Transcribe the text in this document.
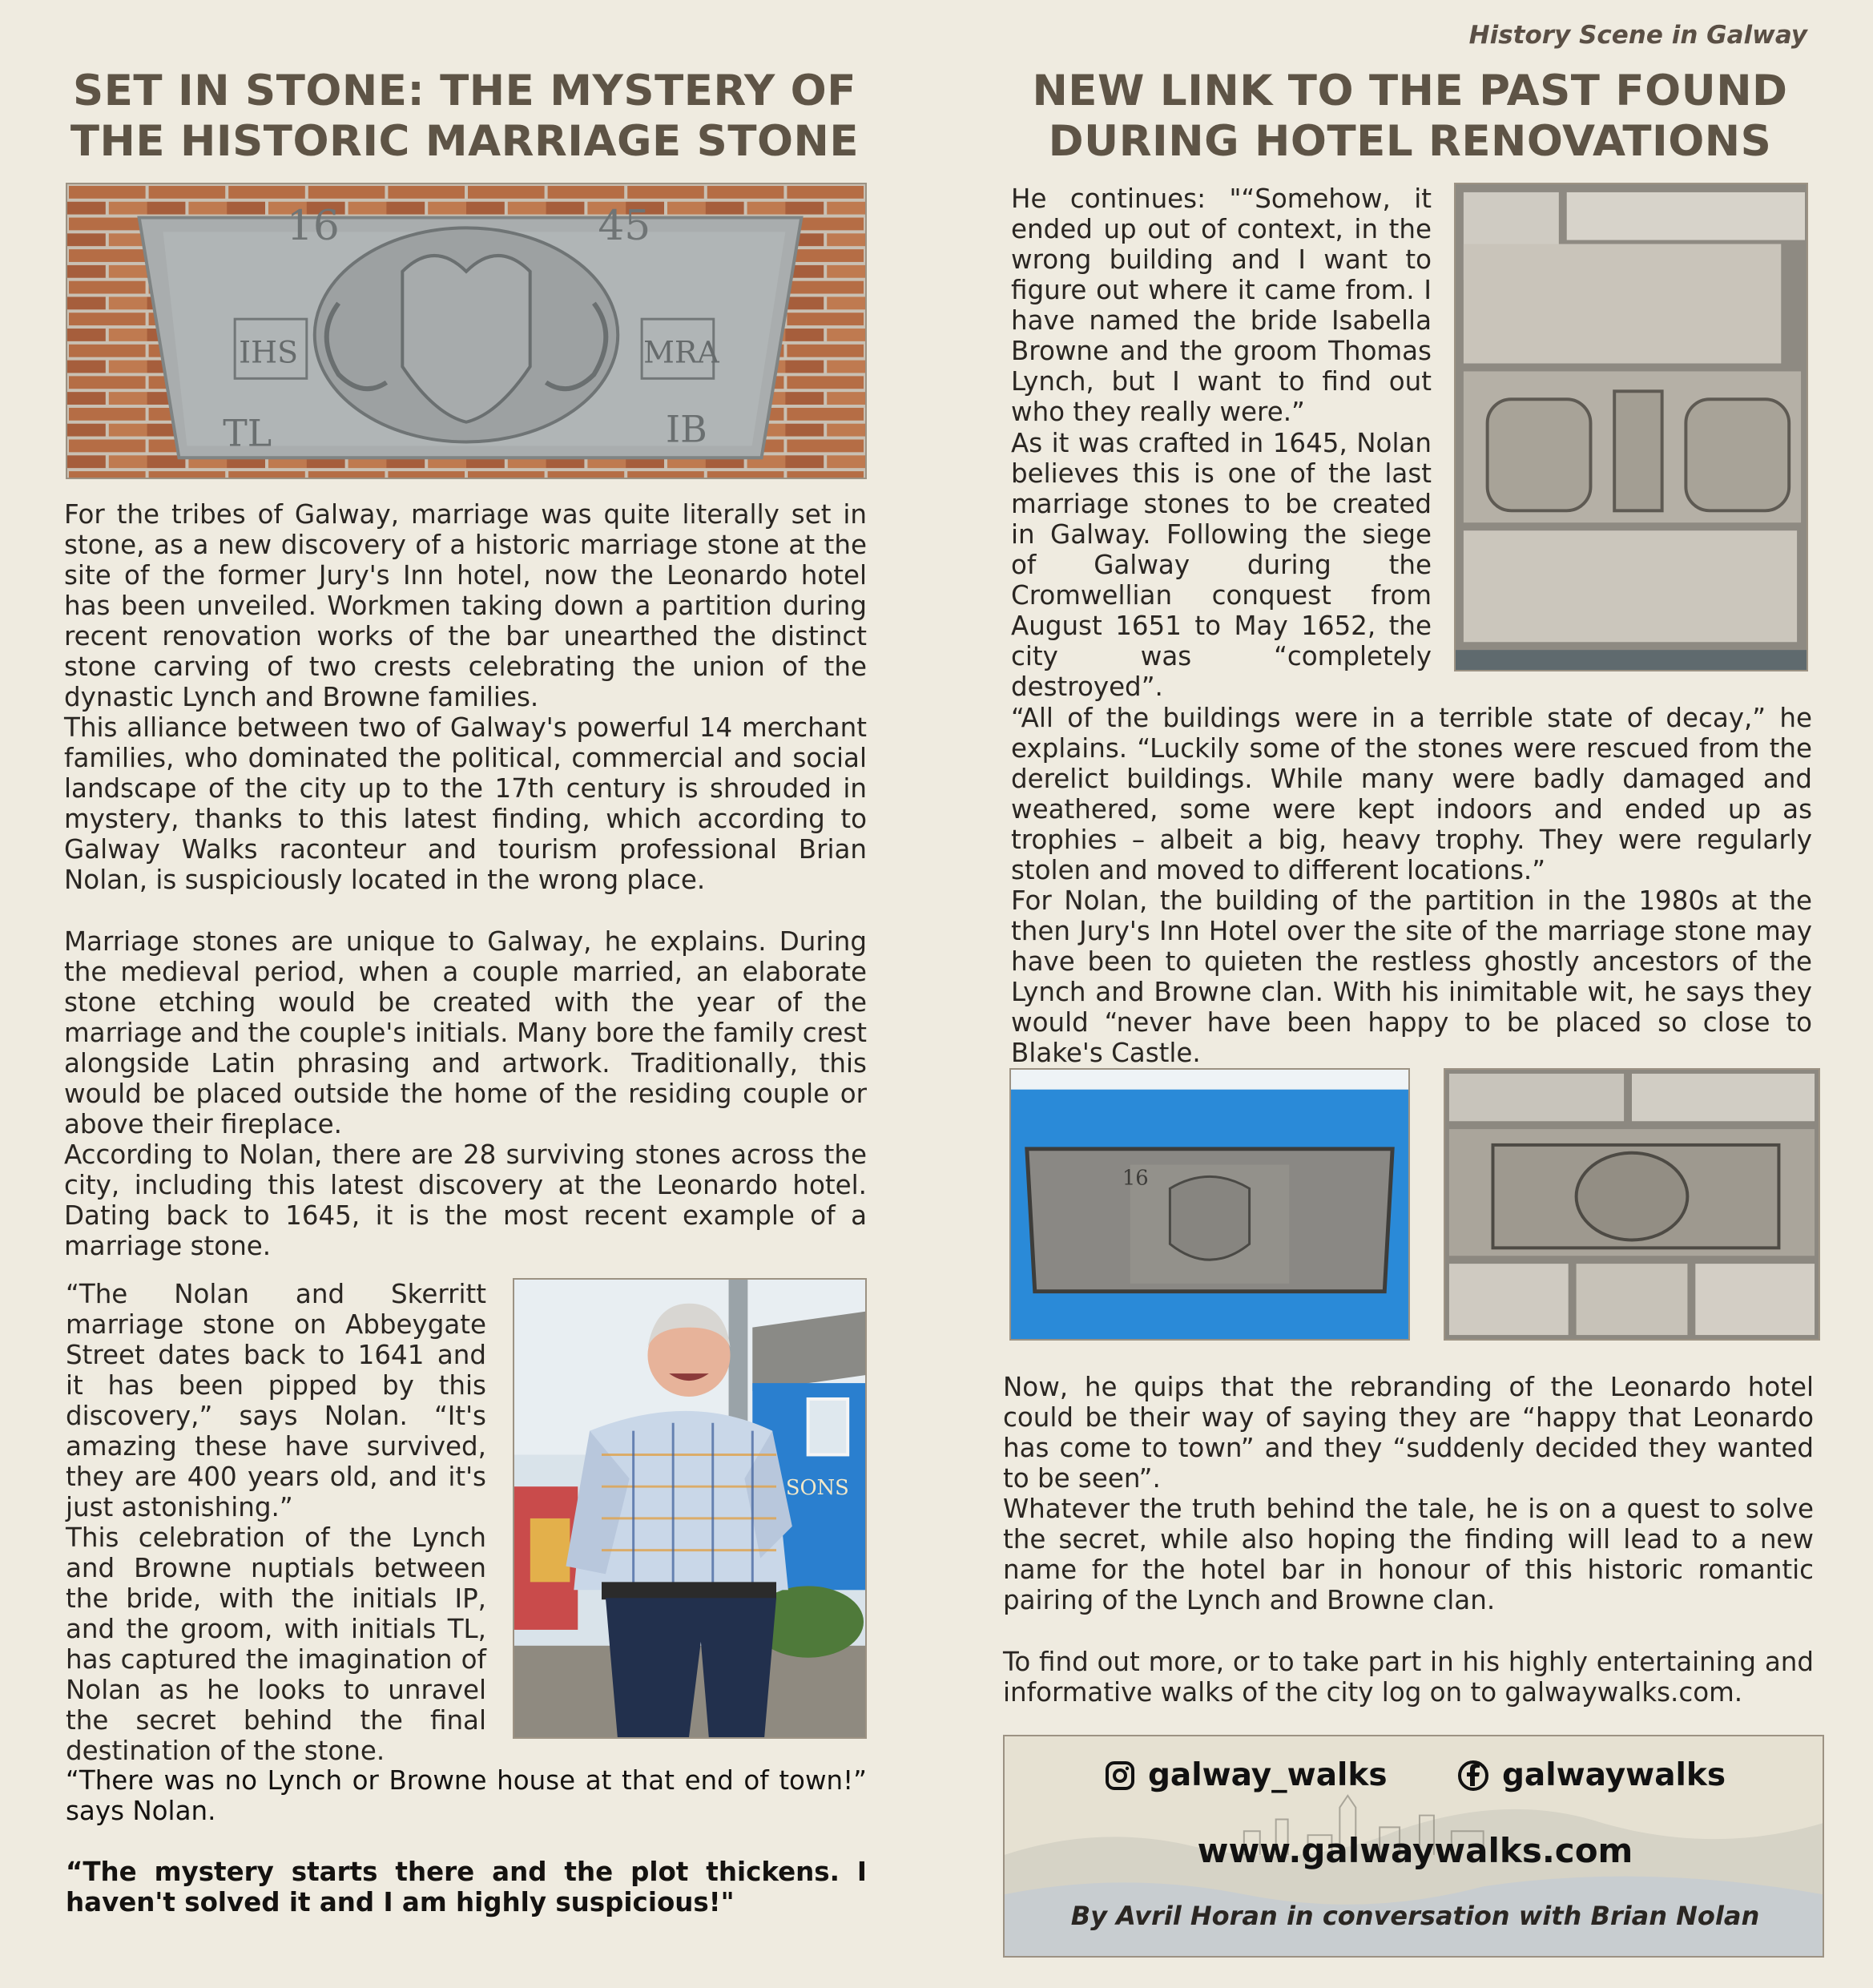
History Scene in Galway
SET IN STONE: THE MYSTERY OF THE HISTORIC MARRIAGE STONE
16	45
IHS	MRA
TL	IB

For the tribes of Galway, marriage was quite literally set in stone, as a new discovery of a historic marriage stone at the site of the former Jury's Inn hotel, now the Leonardo hotel has been unveiled. Workmen taking down a partition during recent renovation works of the bar unearthed the distinct stone carving of two crests celebrating the union of the dynastic Lynch and Browne families.

This alliance between two of Galway's powerful 14 merchant families, who dominated the political, commercial and social landscape of the city up to the 17th century is shrouded in mystery, thanks to this latest finding, which according to Galway Walks raconteur and tourism professional Brian Nolan, is suspiciously located in the wrong place.

Marriage stones are unique to Galway, he explains. During the medieval period, when a couple married, an elaborate stone etching would be created with the year of the marriage and the couple's initials. Many bore the family crest alongside Latin phrasing and artwork. Traditionally, this would be placed outside the home of the residing couple or above their fireplace.

According to Nolan, there are 28 surviving stones across the city, including this latest discovery at the Leonardo hotel. Dating back to 1645, it is the most recent example of a marriage stone.

“The Nolan and Skerritt marriage stone on Abbeygate Street dates back to 1641 and it has been pipped by this discovery,” says Nolan. “It's amazing these have survived, they are 400 years old, and it's just astonishing.”

This celebration of the Lynch and Browne nuptials between the bride, with the initials IP, and the groom, with initials TL, has captured the imagination of Nolan as he looks to unravel the secret behind the final destination of the stone.

SONS

“There was no Lynch or Browne house at that end of town!” says Nolan.

“The mystery starts there and the plot thickens. I haven't solved it and I am highly suspicious!"

NEW LINK TO THE PAST FOUND DURING HOTEL RENOVATIONS

He continues: "“Somehow, it ended up out of context, in the wrong building and I want to figure out where it came from. I have named the bride Isabella Browne and the groom Thomas Lynch, but I want to find out who they really were.”

As it was crafted in 1645, Nolan believes this is one of the last marriage stones to be created in Galway. Following the siege of Galway during the Cromwellian conquest from August 1651 to May 1652, the city was “completely destroyed”.

“All of the buildings were in a terrible state of decay,” he explains. “Luckily some of the stones were rescued from the derelict buildings. While many were badly damaged and weathered, some were kept indoors and ended up as trophies – albeit a big, heavy trophy. They were regularly stolen and moved to different locations.”

For Nolan, the building of the partition in the 1980s at the then Jury's Inn Hotel over the site of the marriage stone may have been to quieten the restless ghostly ancestors of the Lynch and Browne clan. With his inimitable wit, he says they would “never have been happy to be placed so close to Blake's Castle.

16

Now, he quips that the rebranding of the Leonardo hotel could be their way of saying they are “happy that Leonardo has come to town” and they “suddenly decided they wanted to be seen”.

Whatever the truth behind the tale, he is on a quest to solve the secret, while also hoping the finding will lead to a new name for the hotel bar in honour of this historic romantic pairing of the Lynch and Browne clan.

To find out more, or to take part in his highly entertaining and informative walks of the city log on to galwaywalks.com.

galway_walks	galwaywalks
www.galwaywalks.com
By Avril Horan in conversation with Brian Nolan
